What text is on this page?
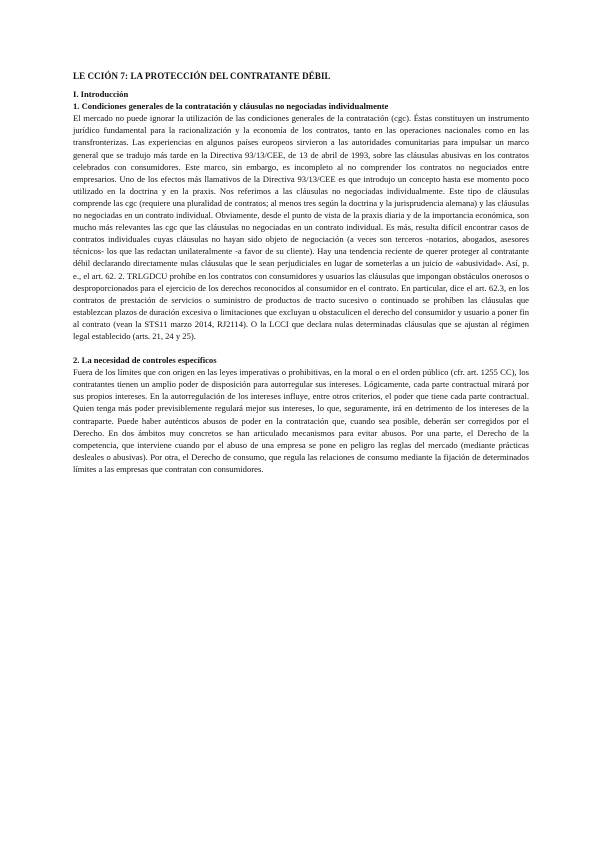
LE CCIÓN 7: LA PROTECCIÓN DEL CONTRATANTE DÉBIL
I. Introducción
1. Condiciones generales de la contratación y cláusulas no negociadas individualmente
El mercado no puede ignorar la utilización de las condiciones generales de la contratación (cgc). Éstas constituyen un instrumento jurídico fundamental para la racionalización y la economía de los contratos, tanto en las operaciones nacionales como en las transfronterizas. Las experiencias en algunos países europeos sirvieron a las autoridades comunitarias para impulsar un marco general que se tradujo más tarde en la Directiva 93/13/CEE, de 13 de abril de 1993, sobre las cláusulas abusivas en los contratos celebrados con consumidores. Este marco, sin embargo, es incompleto al no comprender los contratos no negociados entre empresarios. Uno de los efectos más llamativos de la Directiva 93/13/CEE es que introdujo un concepto hasta ese momento poco utilizado en la doctrina y en la praxis. Nos referimos a las cláusulas no negociadas individualmente. Este tipo de cláusulas comprende las cgc (requiere una pluralidad de contratos; al menos tres según la doctrina y la jurisprudencia alemana) y las cláusulas no negociadas en un contrato individual. Obviamente, desde el punto de vista de la praxis diaria y de la importancia económica, son mucho más relevantes las cgc que las cláusulas no negociadas en un contrato individual. Es más, resulta difícil encontrar casos de contratos individuales cuyas cláusulas no hayan sido objeto de negociación (a veces son terceros -notarios, abogados, asesores técnicos- los que las redactan unilateralmente -a favor de su cliente). Hay una tendencia reciente de querer proteger al contratante débil declarando directamente nulas cláusulas que le sean perjudiciales en lugar de someterlas a un juicio de «abusividad». Así, p. e., el art. 62. 2. TRLGDCU prohíbe en los contratos con consumidores y usuarios las cláusulas que impongan obstáculos onerosos o desproporcionados para el ejercicio de los derechos reconocidos al consumidor en el contrato. En particular, dice el art. 62.3, en los contratos de prestación de servicios o suministro de productos de tracto sucesivo o continuado se prohíben las cláusulas que establezcan plazos de duración excesiva o limitaciones que excluyan u obstaculicen el derecho del consumidor y usuario a poner fin al contrato (vean la STS11 marzo 2014, RJ2114). O la LCCI que declara nulas determinadas cláusulas que se ajustan al régimen legal establecido (arts. 21, 24 y 25).
2. La necesidad de controles específicos
Fuera de los límites que con origen en las leyes imperativas o prohibitivas, en la moral o en el orden público (cfr. art. 1255 CC), los contratantes tienen un amplio poder de disposición para autorregular sus intereses. Lógicamente, cada parte contractual mirará por sus propios intereses. En la autorregulación de los intereses influye, entre otros criterios, el poder que tiene cada parte contractual. Quien tenga más poder previsiblemente regulará mejor sus intereses, lo que, seguramente, irá en detrimento de los intereses de la contraparte. Puede haber auténticos abusos de poder en la contratación que, cuando sea posible, deberán ser corregidos por el Derecho. En dos ámbitos muy concretos se han articulado mecanismos para evitar abusos. Por una parte, el Derecho de la competencia, que interviene cuando por el abuso de una empresa se pone en peligro las reglas del mercado (mediante prácticas desleales o abusivas). Por otra, el Derecho de consumo, que regula las relaciones de consumo mediante la fijación de determinados límites a las empresas que contratan con consumidores.
